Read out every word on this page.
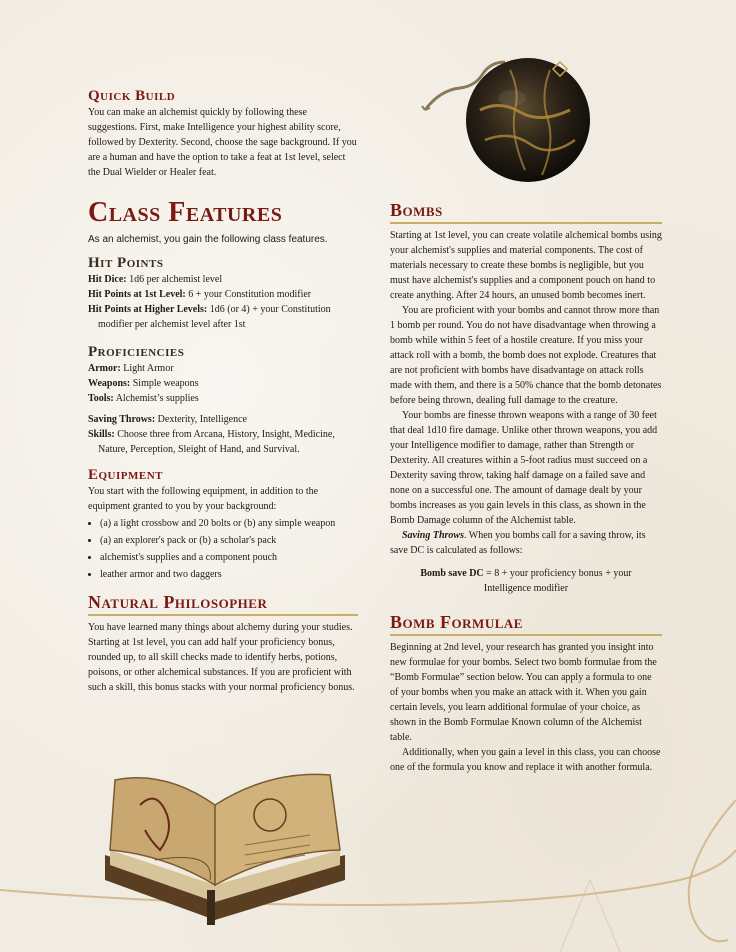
Quick Build

You can make an alchemist quickly by following these suggestions. First, make Intelligence your highest ability score, followed by Dexterity. Second, choose the sage background. If you are a human and have the option to take a feat at 1st level, select the Dual Wielder or Healer feat.

Class Features

As an alchemist, you gain the following class features.

Hit Points

Hit Dice: 1d6 per alchemist level

Hit Points at 1st Level: 6 + your Constitution modifier

Hit Points at Higher Levels: 1d6 (or 4) + your Constitution modifier per alchemist level after 1st

Proficiencies

Armor: Light Armor

Weapons: Simple weapons

Tools: Alchemist’s supplies

Saving Throws: Dexterity, Intelligence

Skills: Choose three from Arcana, History, Insight, Medicine, Nature, Perception, Sleight of Hand, and Survival.

Equipment

You start with the following equipment, in addition to the equipment granted to you by your background:

• (a) a light crossbow and 20 bolts or (b) any simple weapon
• (a) an explorer's pack or (b) a scholar's pack
• alchemist's supplies and a component pouch
• leather armor and two daggers
Natural Philosopher

You have learned many things about alchemy during your studies. Starting at 1st level, you can add half your proficiency bonus, rounded up, to all skill checks made to identify herbs, potions, poisons, or other alchemical substances. If you are proficient with such a skill, this bonus stacks with your normal proficiency bonus.

Bombs

Starting at 1st level, you can create volatile alchemical bombs using your alchemist's supplies and material components. The cost of materials necessary to create these bombs is negligible, but you must have alchemist's supplies and a component pouch on hand to create anything. After 24 hours, an unused bomb becomes inert.

You are proficient with your bombs and cannot throw more than 1 bomb per round. You do not have disadvantage when throwing a bomb while within 5 feet of a hostile creature. If you miss your attack roll with a bomb, the bomb does not explode. Creatures that are not proficient with bombs have disadvantage on attack rolls made with them, and there is a 50% chance that the bomb detonates before being thrown, dealing full damage to the creature.

Your bombs are finesse thrown weapons with a range of 30 feet that deal 1d10 fire damage. Unlike other thrown weapons, you add your Intelligence modifier to damage, rather than Strength or Dexterity. All creatures within a 5-foot radius must succeed on a Dexterity saving throw, taking half damage on a failed save and none on a successful one. The amount of damage dealt by your bombs increases as you gain levels in this class, as shown in the Bomb Damage column of the Alchemist table.

Saving Throws. When you bombs call for a saving throw, its save DC is calculated as follows:

Bomb save DC = 8 + your proficiency bonus + your Intelligence modifier

Bomb Formulae

Beginning at 2nd level, your research has granted you insight into new formulae for your bombs. Select two bomb formulae from the “Bomb Formulae” section below. You can apply a formula to one of your bombs when you make an attack with it. When you gain certain levels, you learn additional formulae of your choice, as shown in the Bomb Formulae Known column of the Alchemist table.

Additionally, when you gain a level in this class, you can choose one of the formula you know and replace it with another formula.
